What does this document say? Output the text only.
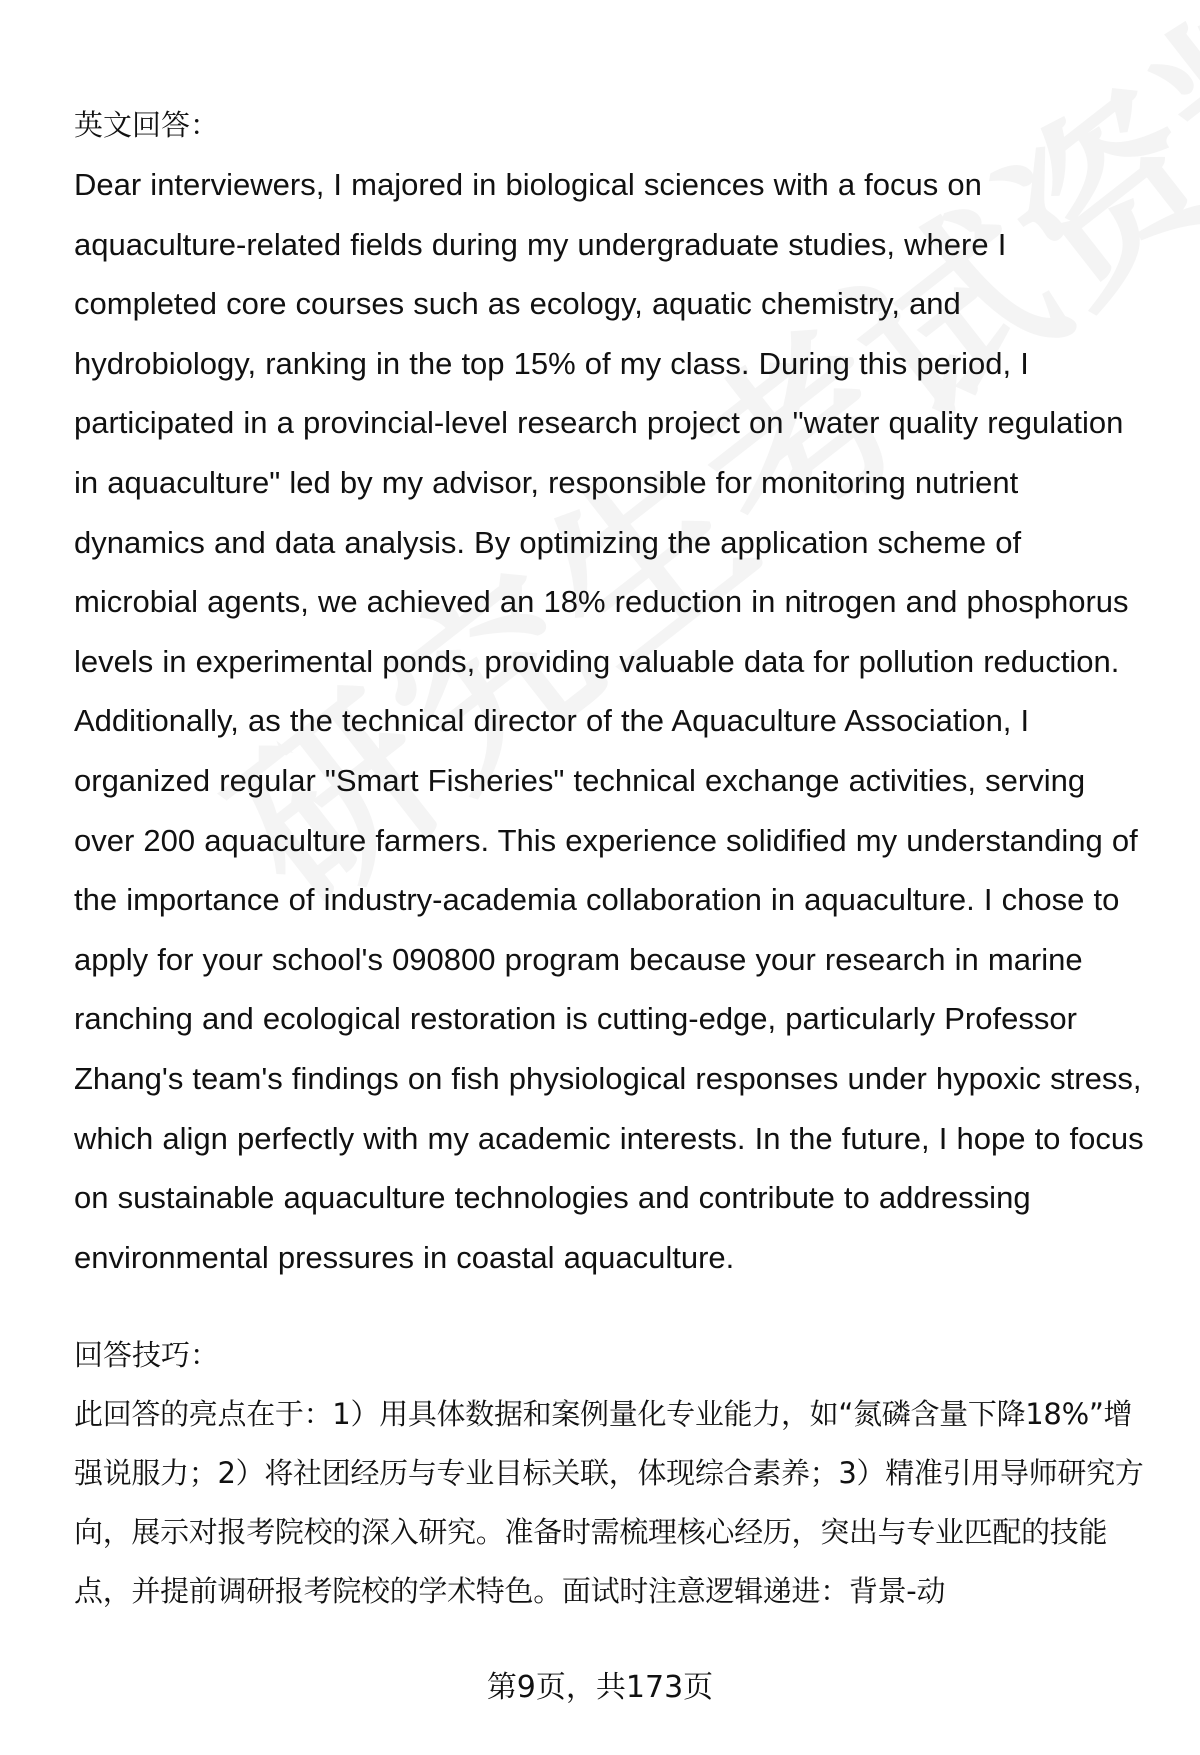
英文回答：

Dear interviewers, I majored in biological sciences with a focus on aquaculture-related fields during my undergraduate studies, where I completed core courses such as ecology, aquatic chemistry, and hydrobiology, ranking in the top 15% of my class. During this period, I participated in a provincial-level research project on "water quality regulation in aquaculture" led by my advisor, responsible for monitoring nutrient dynamics and data analysis. By optimizing the application scheme of microbial agents, we achieved an 18% reduction in nitrogen and phosphorus levels in experimental ponds, providing valuable data for pollution reduction. Additionally, as the technical director of the Aquaculture Association, I organized regular "Smart Fisheries" technical exchange activities, serving over 200 aquaculture farmers. This experience solidified my understanding of the importance of industry-academia collaboration in aquaculture. I chose to apply for your school's 090800 program because your research in marine ranching and ecological restoration is cutting-edge, particularly Professor Zhang's team's findings on fish physiological responses under hypoxic stress, which align perfectly with my academic interests. In the future, I hope to focus on sustainable aquaculture technologies and contribute to addressing environmental pressures in coastal aquaculture.

回答技巧：

此回答的亮点在于：1）用具体数据和案例量化专业能力，如“氮磷含量下降18%”增强说服力；2）将社团经历与专业目标关联，体现综合素养；3）精准引用导师研究方向，展示对报考院校的深入研究。准备时需梳理核心经历，突出与专业匹配的技能点，并提前调研报考院校的学术特色。面试时注意逻辑递进：背景-动

第9页，共173页
